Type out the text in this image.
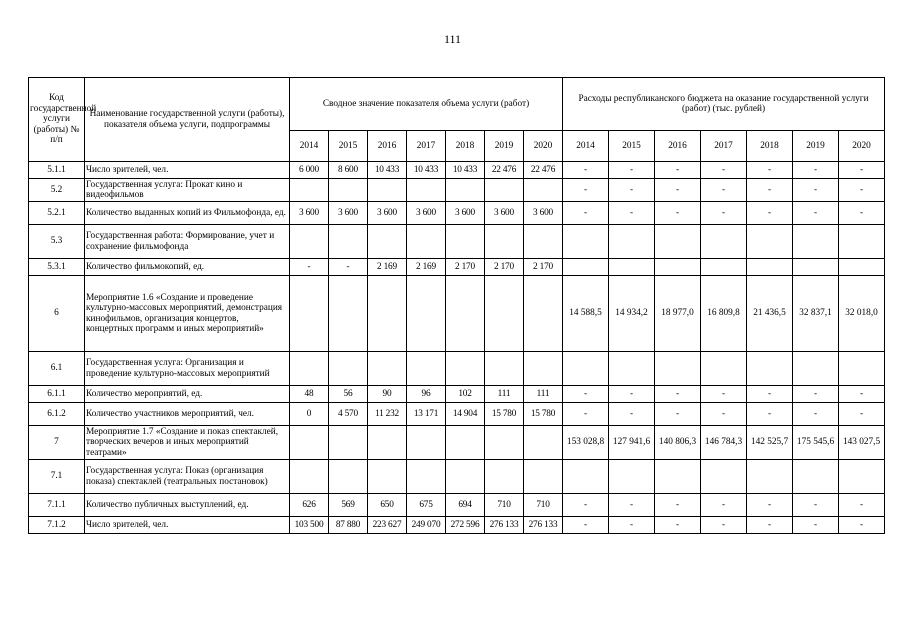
111
Код государственной услуги (работы) № п/п	Наименование государственной услуги (работы), показателя объема услуги, подпрограммы	Сводное значение показателя объема услуги (работ)							Расходы республиканского бюджета на оказание государственной услуги (работ) (тыс. рублей)						
		2014	2015	2016	2017	2018	2019	2020	2014	2015	2016	2017	2018	2019	2020
5.1.1	Число зрителей, чел.	6 000	8 600	10 433	10 433	10 433	22 476	22 476	-	-	-	-	-	-	-
5.2	Государственная услуга: Прокат кино и видеофильмов								-	-	-	-	-	-	-
5.2.1	Количество выданных копий из Фильмофонда, ед.	3 600	3 600	3 600	3 600	3 600	3 600	3 600	-	-	-	-	-	-	-
5.3	Государственная работа: Формирование, учет и сохранение фильмофонда														
5.3.1	Количество фильмокопий, ед.	-	-	2 169	2 169	2 170	2 170	2 170							
6	Мероприятие 1.6 «Создание и проведение культурно-массовых мероприятий, демонстрация кинофильмов, организация концертов, концертных программ и иных мероприятий»								14 588,5	14 934,2	18 977,0	16 809,8	21 436,5	32 837,1	32 018,0
6.1	Государственная услуга: Организация и проведение культурно-массовых мероприятий														
6.1.1	Количество мероприятий, ед.	48	56	90	96	102	111	111	-	-	-	-	-	-	-
6.1.2	Количество участников мероприятий, чел.	0	4 570	11 232	13 171	14 904	15 780	15 780	-	-	-	-	-	-	-
7	Мероприятие 1.7 «Создание и показ спектаклей, творческих вечеров и иных мероприятий театрами»								153 028,8	127 941,6	140 806,3	146 784,3	142 525,7	175 545,6	143 027,5
7.1	Государственная услуга: Показ (организация показа) спектаклей (театральных постановок)														
7.1.1	Количество публичных выступлений, ед.	626	569	650	675	694	710	710	-	-	-	-	-	-	-
7.1.2	Число зрителей, чел.	103 500	87 880	223 627	249 070	272 596	276 133	276 133	-	-	-	-	-	-	-
